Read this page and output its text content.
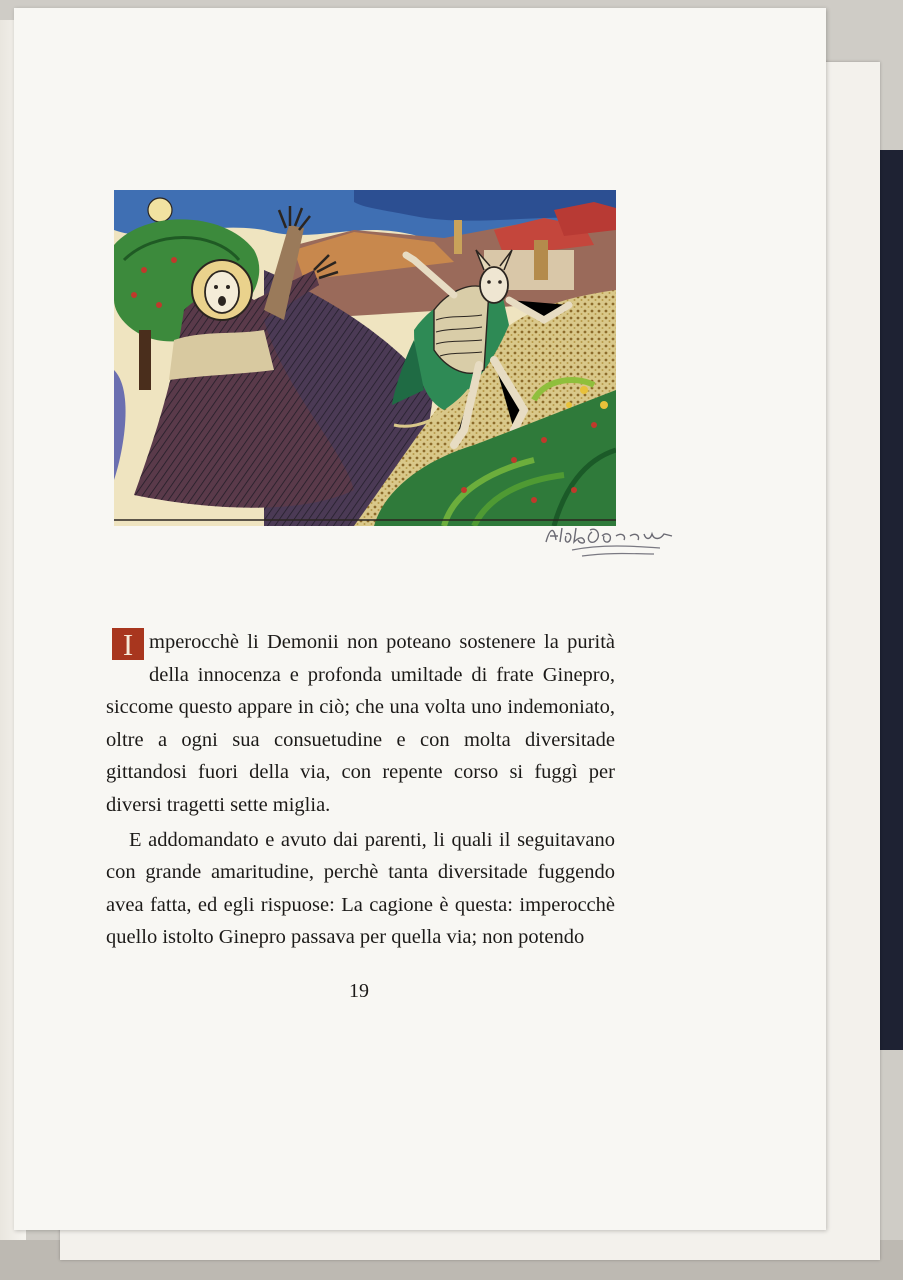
I mperocchè li Demonii non poteano sostenere la purità della innocenza e profonda umiltade di frate Ginepro, siccome questo appare in ciò; che una volta uno indemoniato, oltre a ogni sua consuetudine e con molta diversitade gittandosi fuori della via, con repente corso si fuggì per diversi tragetti sette miglia.

E addomandato e avuto dai parenti, li quali il seguitavano con grande amaritudine, perchè tanta diversitade fuggendo avea fatta, ed egli rispuose: La cagione è questa: imperocchè quello istolto Ginepro passava per quella via; non potendo

19
